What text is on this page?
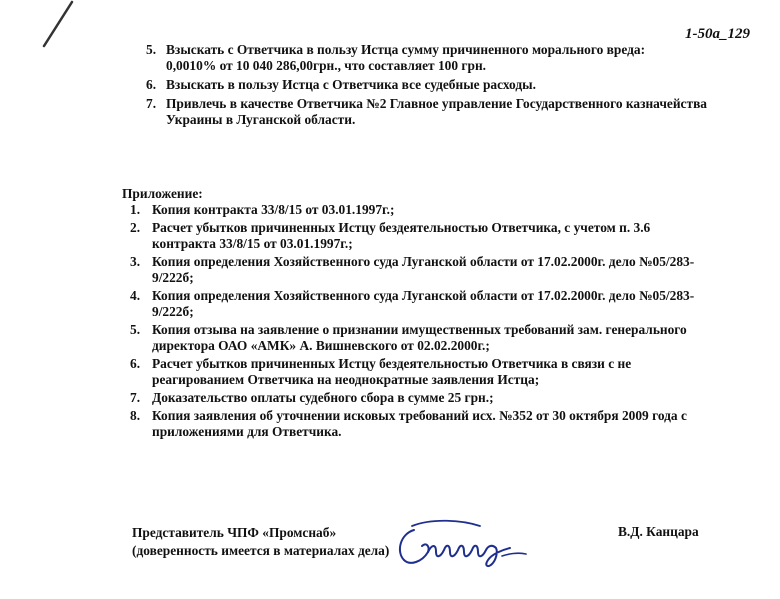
1-50a_129
5. Взыскать с Ответчика в пользу Истца сумму причиненного морального вреда:
0,0010% от 10 040 286,00грн., что составляет 100 грн.
6. Взыскать в пользу Истца с Ответчика все судебные расходы.
7. Привлечь в качестве Ответчика №2 Главное управление Государственного казначейства
Украины в Луганской области.
Приложение:
1. Копия контракта 33/8/15 от 03.01.1997г.;
2. Расчет убытков причиненных Истцу бездеятельностью Ответчика, с учетом п. 3.6
контракта 33/8/15 от 03.01.1997г.;
3. Копия определения Хозяйственного суда Луганской области от 17.02.2000г. дело №05/283-
9/222б;
4. Копия определения Хозяйственного суда Луганской области от 17.02.2000г. дело №05/283-
9/222б;
5. Копия отзыва на заявление о признании имущественных требований зам. генерального
директора ОАО «АМК» А. Вишневского от 02.02.2000г.;
6. Расчет убытков причиненных Истцу бездеятельностью Ответчика в связи с не
реагированием Ответчика на неоднократные заявления Истца;
7. Доказательство оплаты судебного сбора в сумме 25 грн.;
8. Копия заявления об уточнении исковых требований исх. №352 от 30 октября 2009 года с
приложениями для Ответчика.
Представитель ЧПФ «Промснаб»
(доверенность имеется в материалах дела)
В.Д. Канцара
